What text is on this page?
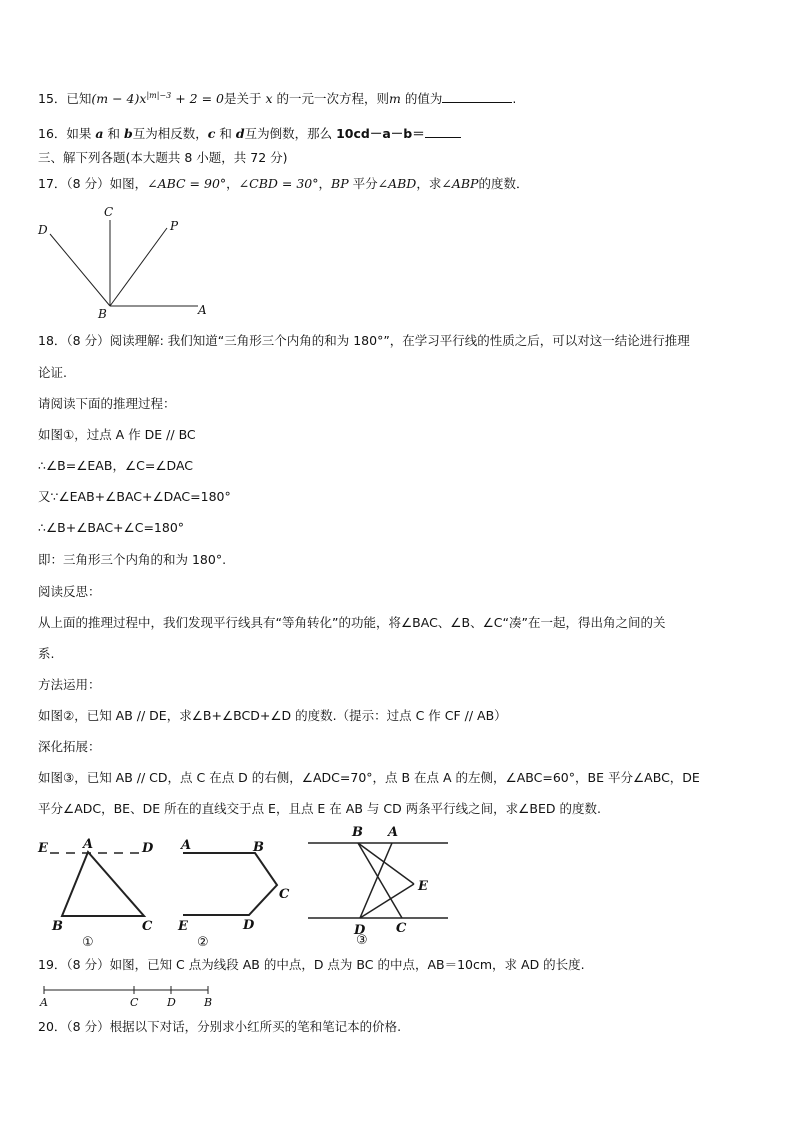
15．已知$(m - 4)x^{|m|-3} + 2 = 0$是关于 x 的一元一次方程，则m 的值为	.
16．如果 a 和 b互为相反数，c 和 d互为倒数，那么 10cd－a－b＝
三、解下列各题(本大题共 8 小题，共 72 分)
17．（8 分）如图，∠ABC = 90°，∠CBD = 30°，BP 平分∠ABD，求∠ABP的度数．
C
D	P
B	A
18．（8 分）阅读理解: 我们知道“三角形三个内角的和为 180°”，在学习平行线的性质之后，可以对这一结论进行推理
论证.
请阅读下面的推理过程：
如图①，过点 A 作 DE // BC
∴∠B=∠EAB，∠C=∠DAC
又∵∠EAB+∠BAC+∠DAC=180°
∴∠B+∠BAC+∠C=180°
即：三角形三个内角的和为 180°.
阅读反思：
从上面的推理过程中，我们发现平行线具有“等角转化”的功能，将∠BAC、∠B、∠C“凑”在一起，得出角之间的关
系.
方法运用：
如图②，已知 AB // DE，求∠B+∠BCD+∠D 的度数.（提示：过点 C 作 CF // AB）
深化拓展：
如图③，已知 AB // CD，点 C 在点 D 的右侧，∠ADC=70°，点 B 在点 A 的左侧，∠ABC=60°，BE 平分∠ABC，DE
平分∠ADC，BE、DE 所在的直线交于点 E，且点 E 在 AB 与 CD 两条平行线之间，求∠BED 的度数.
E	A	D
B	C
①
A	B
C
E	D
②
B A
E
D C
③
19．（8 分）如图，已知 C 点为线段 AB 的中点，D 点为 BC 的中点，AB＝10cm，求 AD 的长度.
A	C	D	B
20．（8 分）根据以下对话，分别求小红所买的笔和笔记本的价格.
